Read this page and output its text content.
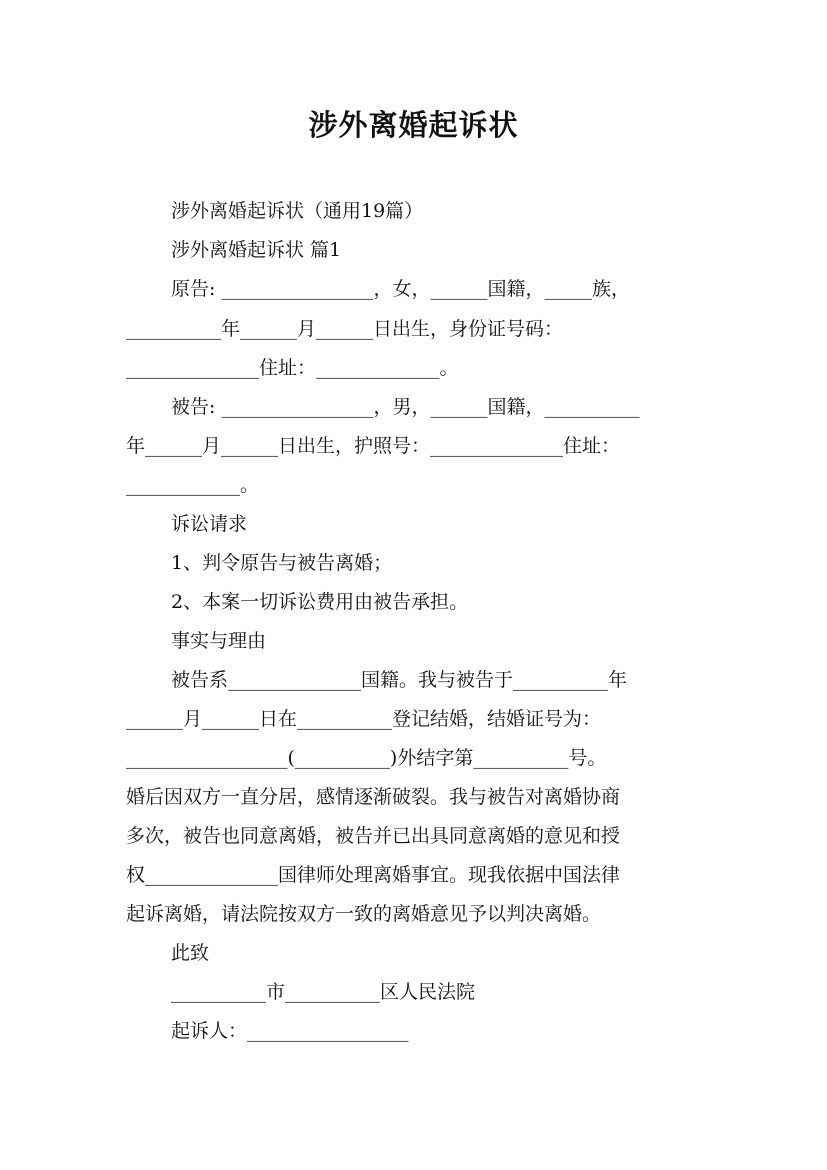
涉外离婚起诉状
涉外离婚起诉状（通用19篇）
涉外离婚起诉状 篇1
原告: ________________，女，______国籍，_____族，
__________年______月______日出生，身份证号码：
______________住址：_____________。
被告: ________________，男，______国籍，__________
年______月______日出生，护照号：______________住址：
____________。
诉讼请求
1、判令原告与被告离婚；
2、本案一切诉讼费用由被告承担。
事实与理由
被告系______________国籍。我与被告于__________年
______月______日在__________登记结婚，结婚证号为：
_________________(__________)外结字第__________号。
婚后因双方一直分居，感情逐渐破裂。我与被告对离婚协商
多次，被告也同意离婚，被告并已出具同意离婚的意见和授
权______________国律师处理离婚事宜。现我依据中国法律
起诉离婚，请法院按双方一致的离婚意见予以判决离婚。
此致
__________市__________区人民法院
起诉人：_________________
